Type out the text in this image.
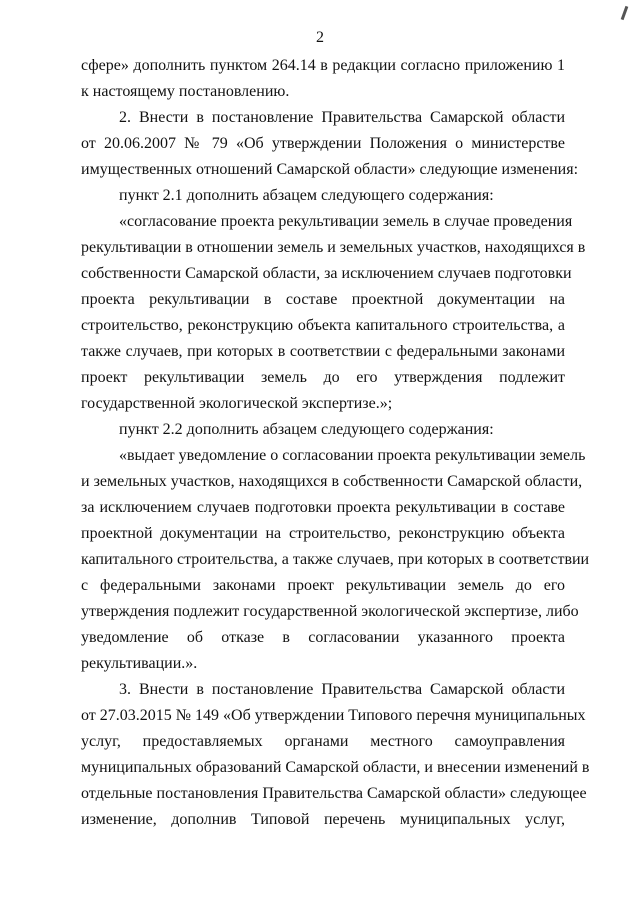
2
сфере» дополнить пунктом 264.14 в редакции согласно приложению 1
к настоящему постановлению.
2. Внести в постановление Правительства Самарской области
от 20.06.2007 № 79 «Об утверждении Положения о министерстве
имущественных отношений Самарской области» следующие изменения:
пункт 2.1 дополнить абзацем следующего содержания:
«согласование проекта рекультивации земель в случае проведения
рекультивации в отношении земель и земельных участков, находящихся в
собственности Самарской области, за исключением случаев подготовки
проекта рекультивации в составе проектной документации на
строительство, реконструкцию объекта капитального строительства, а
также случаев, при которых в соответствии с федеральными законами
проект рекультивации земель до его утверждения подлежит
государственной экологической экспертизе.»;
пункт 2.2 дополнить абзацем следующего содержания:
«выдает уведомление о согласовании проекта рекультивации земель
и земельных участков, находящихся в собственности Самарской области,
за исключением случаев подготовки проекта рекультивации в составе
проектной документации на строительство, реконструкцию объекта
капитального строительства, а также случаев, при которых в соответствии
с федеральными законами проект рекультивации земель до его
утверждения подлежит государственной экологической экспертизе, либо
уведомление об отказе в согласовании указанного проекта
рекультивации.».
3. Внести в постановление Правительства Самарской области
от 27.03.2015 № 149 «Об утверждении Типового перечня муниципальных
услуг, предоставляемых органами местного самоуправления
муниципальных образований Самарской области, и внесении изменений в
отдельные постановления Правительства Самарской области» следующее
изменение, дополнив Типовой перечень муниципальных услуг,
